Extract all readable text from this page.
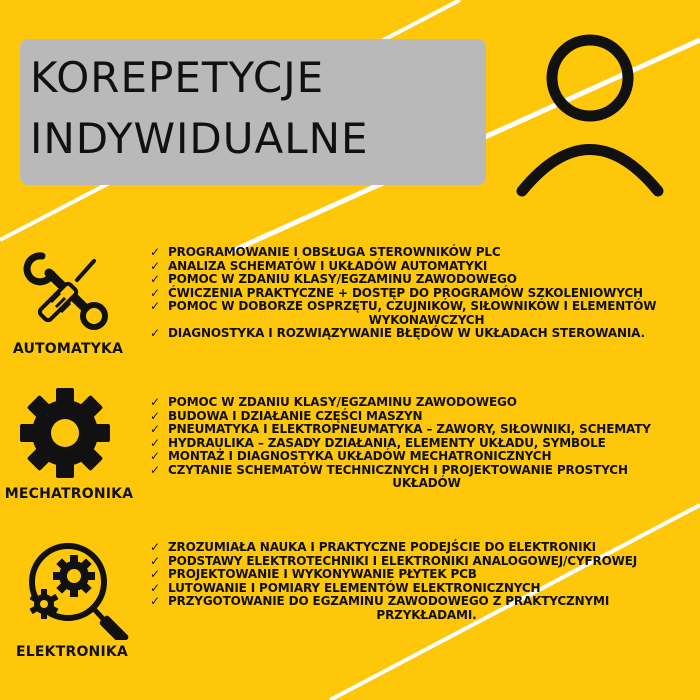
KOREPETYCJE
INDYWIDUALNE
AUTOMATYKA
MECHATRONIKA
ELEKTRONIKA
✓ PROGRAMOWANIE I OBSŁUGA STEROWNIKÓW PLC
✓ ANALIZA SCHEMATÓW I UKŁADÓW AUTOMATYKI
✓ POMOC W ZDANIU KLASY/EGZAMINU ZAWODOWEGO
✓ ĆWICZENIA PRAKTYCZNE + DOSTĘP DO PROGRAMÓW SZKOLENIOWYCH
✓ POMOC W DOBORZE OSPRZĘTU, CZUJNIKÓW, SIŁOWNIKÓW I ELEMENTÓW
WYKONAWCZYCH
✓ DIAGNOSTYKA I ROZWIĄZYWANIE BŁĘDÓW W UKŁADACH STEROWANIA.
✓ POMOC W ZDANIU KLASY/EGZAMINU ZAWODOWEGO
✓ BUDOWA I DZIAŁANIE CZĘŚCI MASZYN
✓ PNEUMATYKA I ELEKTROPNEUMATYKA – ZAWORY, SIŁOWNIKI, SCHEMATY
✓ HYDRAULIKA – ZASADY DZIAŁANIA, ELEMENTY UKŁADU, SYMBOLE
✓ MONTAŻ I DIAGNOSTYKA UKŁADÓW MECHATRONICZNYCH
✓ CZYTANIE SCHEMATÓW TECHNICZNYCH I PROJEKTOWANIE PROSTYCH
UKŁADÓW
✓ ZROZUMIAŁA NAUKA I PRAKTYCZNE PODEJŚCIE DO ELEKTRONIKI
✓ PODSTAWY ELEKTROTECHNIKI I ELEKTRONIKI ANALOGOWEJ/CYFROWEJ
✓ PROJEKTOWANIE I WYKONYWANIE PŁYTEK PCB
✓ LUTOWANIE I POMIARY ELEMENTÓW ELEKTRONICZNYCH
✓ PRZYGOTOWANIE DO EGZAMINU ZAWODOWEGO Z PRAKTYCZNYMI
PRZYKŁADAMI.
